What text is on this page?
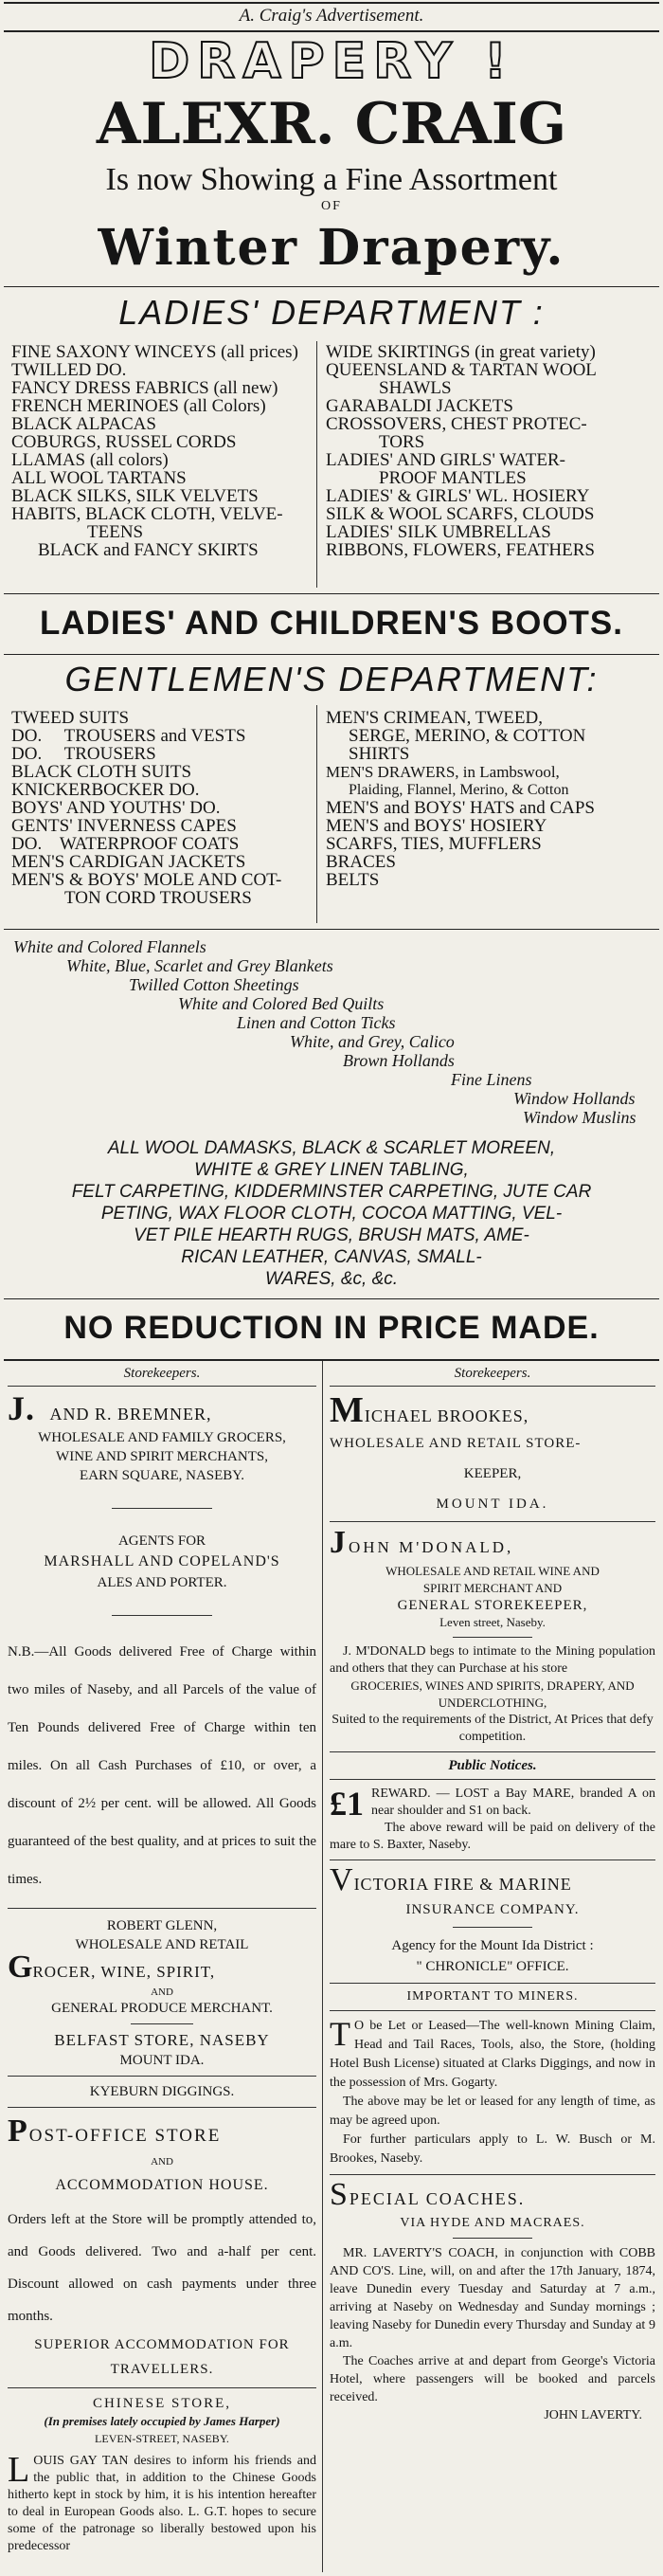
A. Craig's Advertisement.
DRAPERY !
ALEXR. CRAIG
Is now Showing a Fine Assortment
OF
Winter Drapery.
LADIES' DEPARTMENT :
FINE SAXONY WINCEYS (all prices)
TWILLED DO.
FANCY DRESS FABRICS (all new)
FRENCH MERINOES (all Colors)
BLACK ALPACAS
COBURGS, RUSSEL CORDS
LLAMAS (all colors)
ALL WOOL TARTANS
BLACK SILKS, SILK VELVETS
HABITS, BLACK CLOTH, VELVE-
TEENS
BLACK and FANCY SKIRTS
WIDE SKIRTINGS (in great variety)
QUEENSLAND & TARTAN WOOL
SHAWLS
GARABALDI JACKETS
CROSSOVERS, CHEST PROTEC-
TORS
LADIES' AND GIRLS' WATER-
PROOF MANTLES
LADIES' & GIRLS' WL. HOSIERY
SILK & WOOL SCARFS, CLOUDS
LADIES' SILK UMBRELLAS
RIBBONS, FLOWERS, FEATHERS
LADIES' AND CHILDREN'S BOOTS.
GENTLEMEN'S DEPARTMENT:
TWEED SUITS
DO.     TROUSERS and VESTS
DO.     TROUSERS
BLACK CLOTH SUITS
KNICKERBOCKER DO.
BOYS' AND YOUTHS' DO.
GENTS' INVERNESS CAPES
DO.    WATERPROOF COATS
MEN'S CARDIGAN JACKETS
MEN'S & BOYS' MOLE AND COT-
TON CORD TROUSERS
MEN'S CRIMEAN, TWEED,
SERGE, MERINO, & COTTON
SHIRTS
MEN'S DRAWERS, in Lambswool,
Plaiding, Flannel, Merino, & Cotton
MEN'S and BOYS' HATS and CAPS
MEN'S and BOYS' HOSIERY
SCARFS, TIES, MUFFLERS
BRACES
BELTS
White and Colored Flannels
White, Blue, Scarlet and Grey Blankets
Twilled Cotton Sheetings
White and Colored Bed Quilts
Linen and Cotton Ticks
White, and Grey, Calico
Brown Hollands
Fine Linens
Window Hollands
Window Muslins
ALL WOOL DAMASKS, BLACK & SCARLET MOREEN,
WHITE & GREY LINEN TABLING,
FELT CARPETING, KIDDERMINSTER CARPETING, JUTE CAR
PETING, WAX FLOOR CLOTH, COCOA MATTING, VEL-
VET PILE HEARTH RUGS, BRUSH MATS, AME-
RICAN LEATHER, CANVAS, SMALL-
WARES, &c, &c.
NO REDUCTION IN PRICE MADE.
Storekeepers.
J. AND R. BREMNER,
WHOLESALE AND FAMILY GROCERS,
WINE AND SPIRIT MERCHANTS,
EARN SQUARE, NASEBY.
AGENTS FOR
MARSHALL AND COPELAND'S
ALES AND PORTER.
N.B.—All Goods delivered Free of Charge within two miles of Naseby, and all Parcels of the value of Ten Pounds delivered Free of Charge within ten miles. On all Cash Purchases of £10, or over, a discount of 2½ per cent. will be allowed. All Goods guaranteed of the best quality, and at prices to suit the times.
ROBERT GLENN,
WHOLESALE AND RETAIL
GROCER, WINE, SPIRIT,
AND
GENERAL PRODUCE MERCHANT.
BELFAST STORE, NASEBY
MOUNT IDA.
KYEBURN DIGGINGS.
POST-OFFICE STORE
AND
ACCOMMODATION HOUSE.
Orders left at the Store will be promptly attended to, and Goods delivered. Two and a-half per cent. Discount allowed on cash payments under three months.
SUPERIOR ACCOMMODATION FOR TRAVELLERS.
CHINESE STORE,
(In premises lately occupied by James Harper)
LEVEN-STREET, NASEBY.
LOUIS GAY TAN desires to inform his friends and the public that, in addition to the Chinese Goods hitherto kept in stock by him, it is his intention hereafter to deal in European Goods also. L. G.T. hopes to secure some of the patronage so liberally bestowed upon his predecessor
Storekeepers.
MICHAEL BROOKES,
WHOLESALE AND RETAIL STORE-
KEEPER,
MOUNT IDA.
JOHN M'DONALD,
WHOLESALE AND RETAIL WINE AND
SPIRIT MERCHANT AND
GENERAL STOREKEEPER,
Leven street, Naseby.
J. M'DONALD begs to intimate to the Mining population and others that they can Purchase at his store
GROCERIES, WINES AND SPIRITS, DRAPERY, AND UNDERCLOTHING,
Suited to the requirements of the District, At Prices that defy competition.
Public Notices.
£1 REWARD. — LOST a Bay MARE, branded A on near shoulder and S1 on back.
The above reward will be paid on delivery of the mare to S. Baxter, Naseby.
VICTORIA FIRE & MARINE
INSURANCE COMPANY.
Agency for the Mount Ida District :
" CHRONICLE" OFFICE.
IMPORTANT TO MINERS.
T O be Let or Leased—The well-known Mining Claim, Head and Tail Races, Tools, also, the Store, (holding Hotel Bush License) situated at Clarks Diggings, and now in the possession of Mrs. Gogarty.
The above may be let or leased for any length of time, as may be agreed upon.
For further particulars apply to L. W. Busch or M. Brookes, Naseby.
SPECIAL COACHES.
VIA HYDE AND MACRAES.
MR. LAVERTY'S COACH, in conjunction with COBB AND CO'S. Line, will, on and after the 17th January, 1874, leave Dunedin every Tuesday and Saturday at 7 a.m., arriving at Naseby on Wednesday and Sunday mornings ; leaving Naseby for Dunedin every Thursday and Sunday at 9 a.m.
The Coaches arrive at and depart from George's Victoria Hotel, where passengers will be booked and parcels received.
JOHN LAVERTY.
